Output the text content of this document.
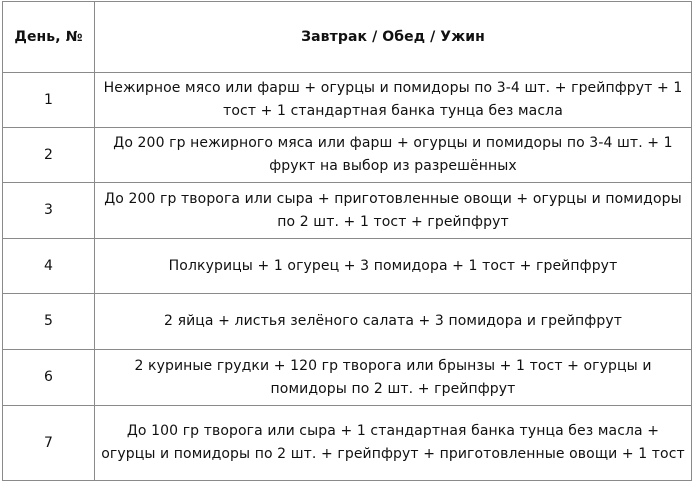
День, №	Завтрак / Обед / Ужин
1	Нежирное мясо или фарш + огурцы и помидоры по 3-4 шт. + грейпфрут + 1 тост + 1 стандартная банка тунца без масла
2	До 200 гр нежирного мяса или фарш + огурцы и помидоры по 3-4 шт. + 1 фрукт на выбор из разрешённых
3	До 200 гр творога или сыра + приготовленные овощи + огурцы и помидоры по 2 шт. + 1 тост + грейпфрут
4	Полкурицы + 1 огурец + 3 помидора + 1 тост + грейпфрут
5	2 яйца + листья зелёного салата + 3 помидора и грейпфрут
6	2 куриные грудки + 120 гр творога или брынзы + 1 тост + огурцы и помидоры по 2 шт. + грейпфрут
7	До 100 гр творога или сыра + 1 стандартная банка тунца без масла + огурцы и помидоры по 2 шт. + грейпфрут + приготовленные овощи + 1 тост
